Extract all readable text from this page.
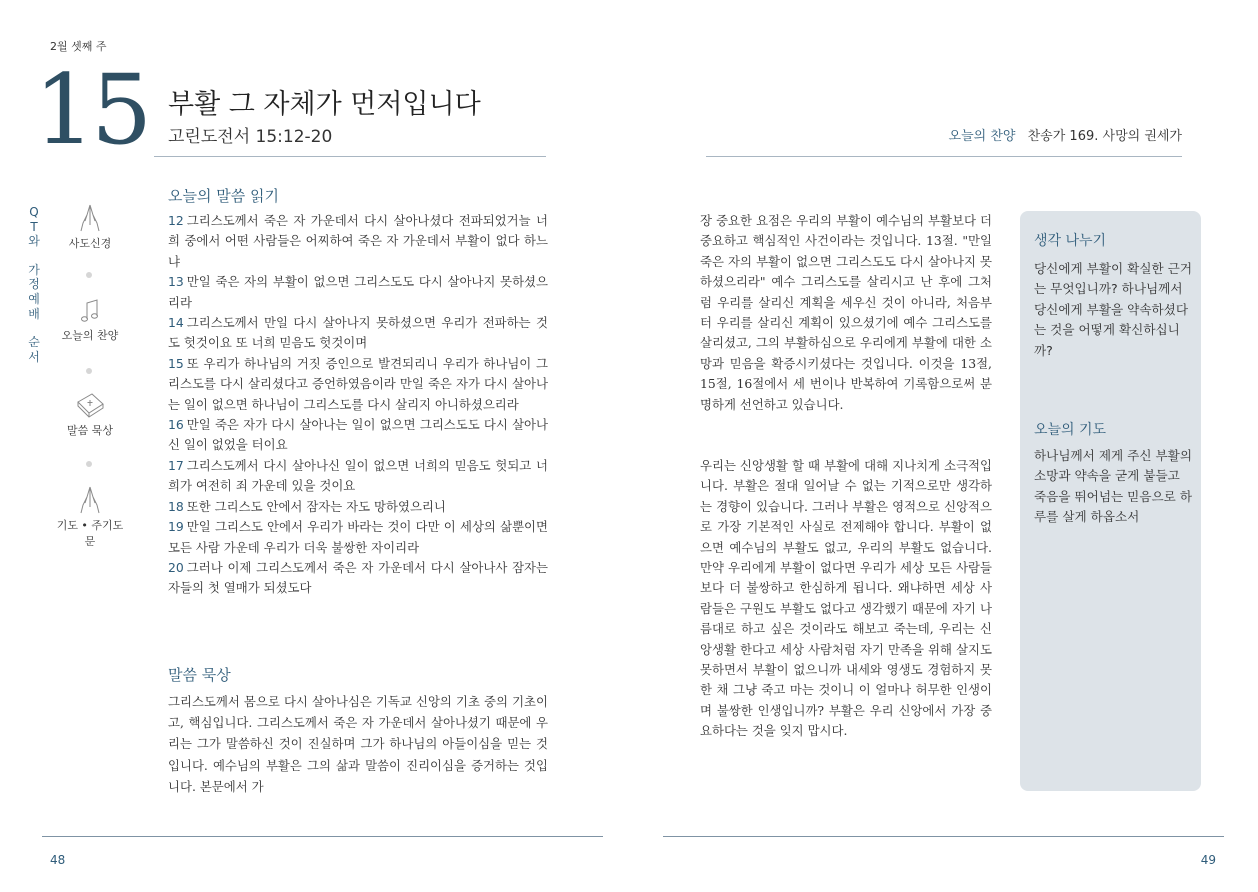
2월 셋째 주
15 부활 그 자체가 먼저입니다
고린도전서 15:12-20	오늘의 찬양 찬송가 169. 사망의 권세가
Q
T
와
가
정
예
배
순
서
사도신경
오늘의 찬양
말씀 묵상
기도 • 주기도문
오늘의 말씀 읽기
12 그리스도께서 죽은 자 가운데서 다시 살아나셨다 전파되었거늘 너희 중에서 어떤 사람들은 어찌하여 죽은 자 가운데서 부활이 없다 하느냐
13 만일 죽은 자의 부활이 없으면 그리스도도 다시 살아나지 못하셨으리라
14 그리스도께서 만일 다시 살아나지 못하셨으면 우리가 전파하는 것도 헛것이요 또 너희 믿음도 헛것이며
15 또 우리가 하나님의 거짓 증인으로 발견되리니 우리가 하나님이 그리스도를 다시 살리셨다고 증언하였음이라 만일 죽은 자가 다시 살아나는 일이 없으면 하나님이 그리스도를 다시 살리지 아니하셨으리라
16 만일 죽은 자가 다시 살아나는 일이 없으면 그리스도도 다시 살아나신 일이 없었을 터이요
17 그리스도께서 다시 살아나신 일이 없으면 너희의 믿음도 헛되고 너희가 여전히 죄 가운데 있을 것이요
18 또한 그리스도 안에서 잠자는 자도 망하였으리니
19 만일 그리스도 안에서 우리가 바라는 것이 다만 이 세상의 삶뿐이면 모든 사람 가운데 우리가 더욱 불쌍한 자이리라
20 그러나 이제 그리스도께서 죽은 자 가운데서 다시 살아나사 잠자는 자들의 첫 열매가 되셨도다
말씀 묵상
그리스도께서 몸으로 다시 살아나심은 기독교 신앙의 기초 중의 기초이고, 핵심입니다. 그리스도께서 죽은 자 가운데서 살아나셨기 때문에 우리는 그가 말씀하신 것이 진실하며 그가 하나님의 아들이심을 믿는 것입니다. 예수님의 부활은 그의 삶과 말씀이 진리이심을 증거하는 것입니다. 본문에서 가

장 중요한 요점은 우리의 부활이 예수님의 부활보다 더 중요하고 핵심적인 사건이라는 것입니다. 13절. "만일 죽은 자의 부활이 없으면 그리스도도 다시 살아나지 못하셨으리라" 예수 그리스도를 살리시고 난 후에 그처럼 우리를 살리신 계획을 세우신 것이 아니라, 처음부터 우리를 살리신 계획이 있으셨기에 예수 그리스도를 살리셨고, 그의 부활하심으로 우리에게 부활에 대한 소망과 믿음을 확증시키셨다는 것입니다. 이것을 13절, 15절, 16절에서 세 번이나 반복하여 기록함으로써 분명하게 선언하고 있습니다.

우리는 신앙생활 할 때 부활에 대해 지나치게 소극적입니다. 부활은 절대 일어날 수 없는 기적으로만 생각하는 경향이 있습니다. 그러나 부활은 영적으로 신앙적으로 가장 기본적인 사실로 전제해야 합니다. 부활이 없으면 예수님의 부활도 없고, 우리의 부활도 없습니다. 만약 우리에게 부활이 없다면 우리가 세상 모든 사람들보다 더 불쌍하고 한심하게 됩니다. 왜냐하면 세상 사람들은 구원도 부활도 없다고 생각했기 때문에 자기 나름대로 하고 싶은 것이라도 해보고 죽는데, 우리는 신앙생활 한다고 세상 사람처럼 자기 만족을 위해 살지도 못하면서 부활이 없으니까 내세와 영생도 경험하지 못한 채 그냥 죽고 마는 것이니 이 얼마나 허무한 인생이며 불쌍한 인생입니까? 부활은 우리 신앙에서 가장 중요하다는 것을 잊지 맙시다.

생각 나누기
당신에게 부활이 확실한 근거는 무엇입니까? 하나님께서 당신에게 부활을 약속하셨다는 것을 어떻게 확신하십니까?
오늘의 기도
하나님께서 제게 주신 부활의 소망과 약속을 굳게 붙들고 죽음을 뛰어넘는 믿음으로 하루를 살게 하옵소서
48	49
